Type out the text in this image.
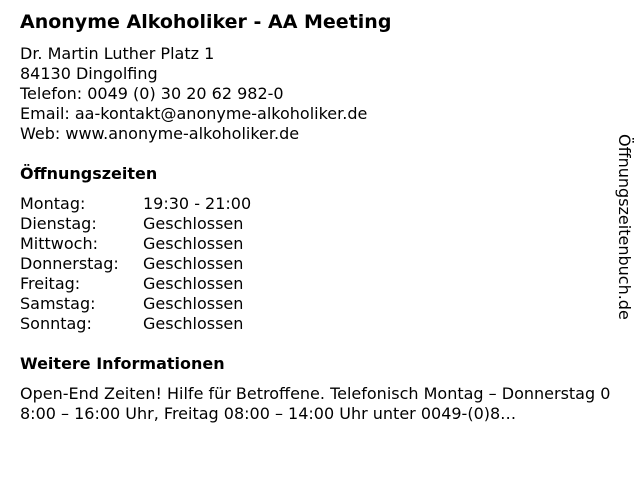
Anonyme Alkoholiker - AA Meeting
Dr. Martin Luther Platz 1
84130 Dingolfing
Telefon: 0049 (0) 30 20 62 982-0
Email: aa-kontakt@anonyme-alkoholiker.de
Web: www.anonyme-alkoholiker.de
Öffnungszeiten
Montag:	19:30 - 21:00
Dienstag:	Geschlossen
Mittwoch:	Geschlossen
Donnerstag:	Geschlossen
Freitag:	Geschlossen
Samstag:	Geschlossen
Sonntag:	Geschlossen
Weitere Informationen
Open-End Zeiten! Hilfe für Betroffene. Telefonisch Montag – Donnerstag 08:00 – 16:00 Uhr, Freitag 08:00 – 14:00 Uhr unter 0049-(0)8…
Öffnungszeitenbuch.de
